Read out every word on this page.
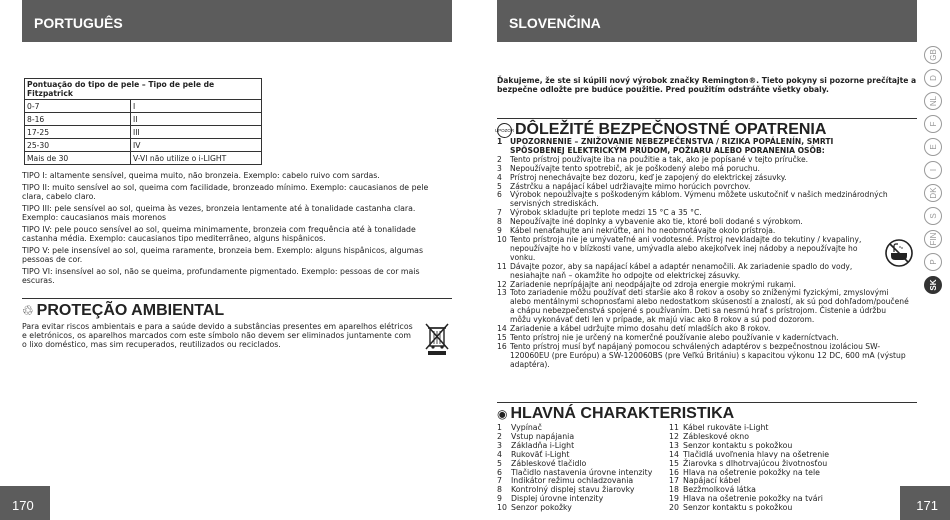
PORTUGUÊS
Pontuação do tipo de pele – Tipo de pele de Fitzpatrick	
0-7	I
8-16	II
17-25	III
25-30	IV
Mais de 30	V-VI não utilize o i-LIGHT

TIPO I: altamente sensível, queima muito, não bronzeia. Exemplo: cabelo ruivo com sardas.

TIPO II: muito sensível ao sol, queima com facilidade, bronzeado mínimo. Exemplo: caucasianos de pele clara, cabelo claro.

TIPO III: pele sensível ao sol, queima às vezes, bronzeia lentamente até à tonalidade castanha clara. Exemplo: caucasianos mais morenos

TIPO IV: pele pouco sensível ao sol, queima minimamente, bronzeia com frequência até à tonalidade castanha média. Exemplo: caucasianos tipo mediterrâneo, alguns hispânicos.

TIPO V: pele insensível ao sol, queima raramente, bronzeia bem. Exemplo: alguns hispânicos, algumas pessoas de cor.

TIPO VI: insensível ao sol, não se queima, profundamente pigmentado. Exemplo: pessoas de cor mais escuras.

♲ PROTEÇÃO AMBIENTAL

Para evitar riscos ambientais e para a saúde devido a substâncias presentes em aparelhos elétricos e eletrónicos, os aparelhos marcados com este símbolo não devem ser eliminados juntamente com o lixo doméstico, mas sim recuperados, reutilizados ou reciclados.

170
SLOVENČINA

Ďakujeme, že ste si kúpili nový výrobok značky Remington®. Tieto pokyny si pozorne prečítajte a bezpečne odložte pre budúce použitie. Pred použitím odstráňte všetky obaly.

UPOZOR DÔLEŽITÉ BEZPEČNOSTNÉ OPATRENIA
1	UPOZORNENIE – ZNIŽOVANIE NEBEZPEČENSTVA / RIZIKA POPÁLENÍN, SMRTI SPÔSOBENEJ ELEKTRICKÝM PRÚDOM, POŽIARU ALEBO PORANENIA OSÔB:
2	Tento prístroj používajte iba na použitie a tak, ako je popísané v tejto príručke.
3	Nepoužívajte tento spotrebič, ak je poškodený alebo má poruchu.
4	Prístroj nenechávajte bez dozoru, keď je zapojený do elektrickej zásuvky.
5	Zástrčku a napájací kábel udržiavajte mimo horúcich povrchov.
6	Výrobok nepoužívajte s poškodeným káblom. Výmenu môžete uskutočniť v našich medzinárodných servisných strediskách.
7	Výrobok skladujte pri teplote medzi 15 °C a 35 °C.
8	Nepoužívajte iné doplnky a vybavenie ako tie, ktoré boli dodané s výrobkom.
9	Kábel nenaťahujte ani nekrúťte, ani ho neobmotávajte okolo prístroja.
10 Tento prístroja nie je umývateľné ani vodotesné. Prístroj nevkladajte do tekutiny / kvapaliny, nepoužívajte ho v blízkosti vane, umývadla alebo akejkoľvek inej nádoby a nepoužívajte ho vonku.
11 Dávajte pozor, aby sa napájací kábel a adaptér nenamočili. Ak zariadenie spadlo do vody, nesiahajte naň – okamžite ho odpojte od elektrickej zásuvky.
12 Zariadenie neprípájajte ani neodpájajte od zdroja energie mokrými rukami.
13 Toto zariadenie môžu používať deti staršie ako 8 rokov a osoby so zníženými fyzickými, zmyslovými alebo mentálnymi schopnosťami alebo nedostatkom skúseností a znalostí, ak sú pod dohľadom/poučené a chápu nebezpečenstvá spojené s používaním. Deti sa nesmú hrať s prístrojom. Čistenie a údržbu môžu vykonávať deti len v prípade, ak majú viac ako 8 rokov a sú pod dozorom.
14 Zariadenie a kábel udržujte mimo dosahu detí mladších ako 8 rokov.
15 Tento prístroj nie je určený na komerčné používanie alebo používanie v kaderníctvach.
16 Tento prístroj musí byť napájaný pomocou schválených adaptérov s bezpečnostnou izoláciou SW-120060EU (pre Európu) a SW-120060BS (pre Veľkú Britániu) s kapacitou výkonu 12 DC, 600 mA (výstup adaptéra).
◉ HLAVNÁ CHARAKTERISTIKA
1	Vypínač
2	Vstup napájania
3	Základňa i-Light
4	Rukoväť i-Light
5	Zábleskové tlačidlo
6	Tlačidlo nastavenia úrovne intenzity
7	Indikátor režimu ochladzovania
8	Kontrolný displej stavu žiarovky
9	Displej úrovne intenzity
10 Senzor pokožky
11 Kábel rukoväte i-Light
12 Zábleskové okno
13 Senzor kontaktu s pokožkou
14 Tlačidlá uvoľnenia hlavy na ošetrenie
15 Žiarovka s dlhotrvajúcou životnosťou
16 Hlava na ošetrenie pokožky na tele
17 Napájací kábel
18 Bezžmolková látka
19 Hlava na ošetrenie pokožky na tvári
20 Senzor kontaktu s pokožkou
GB
D
NL
F
E
I
DK
S
FIN
P
SK
171
